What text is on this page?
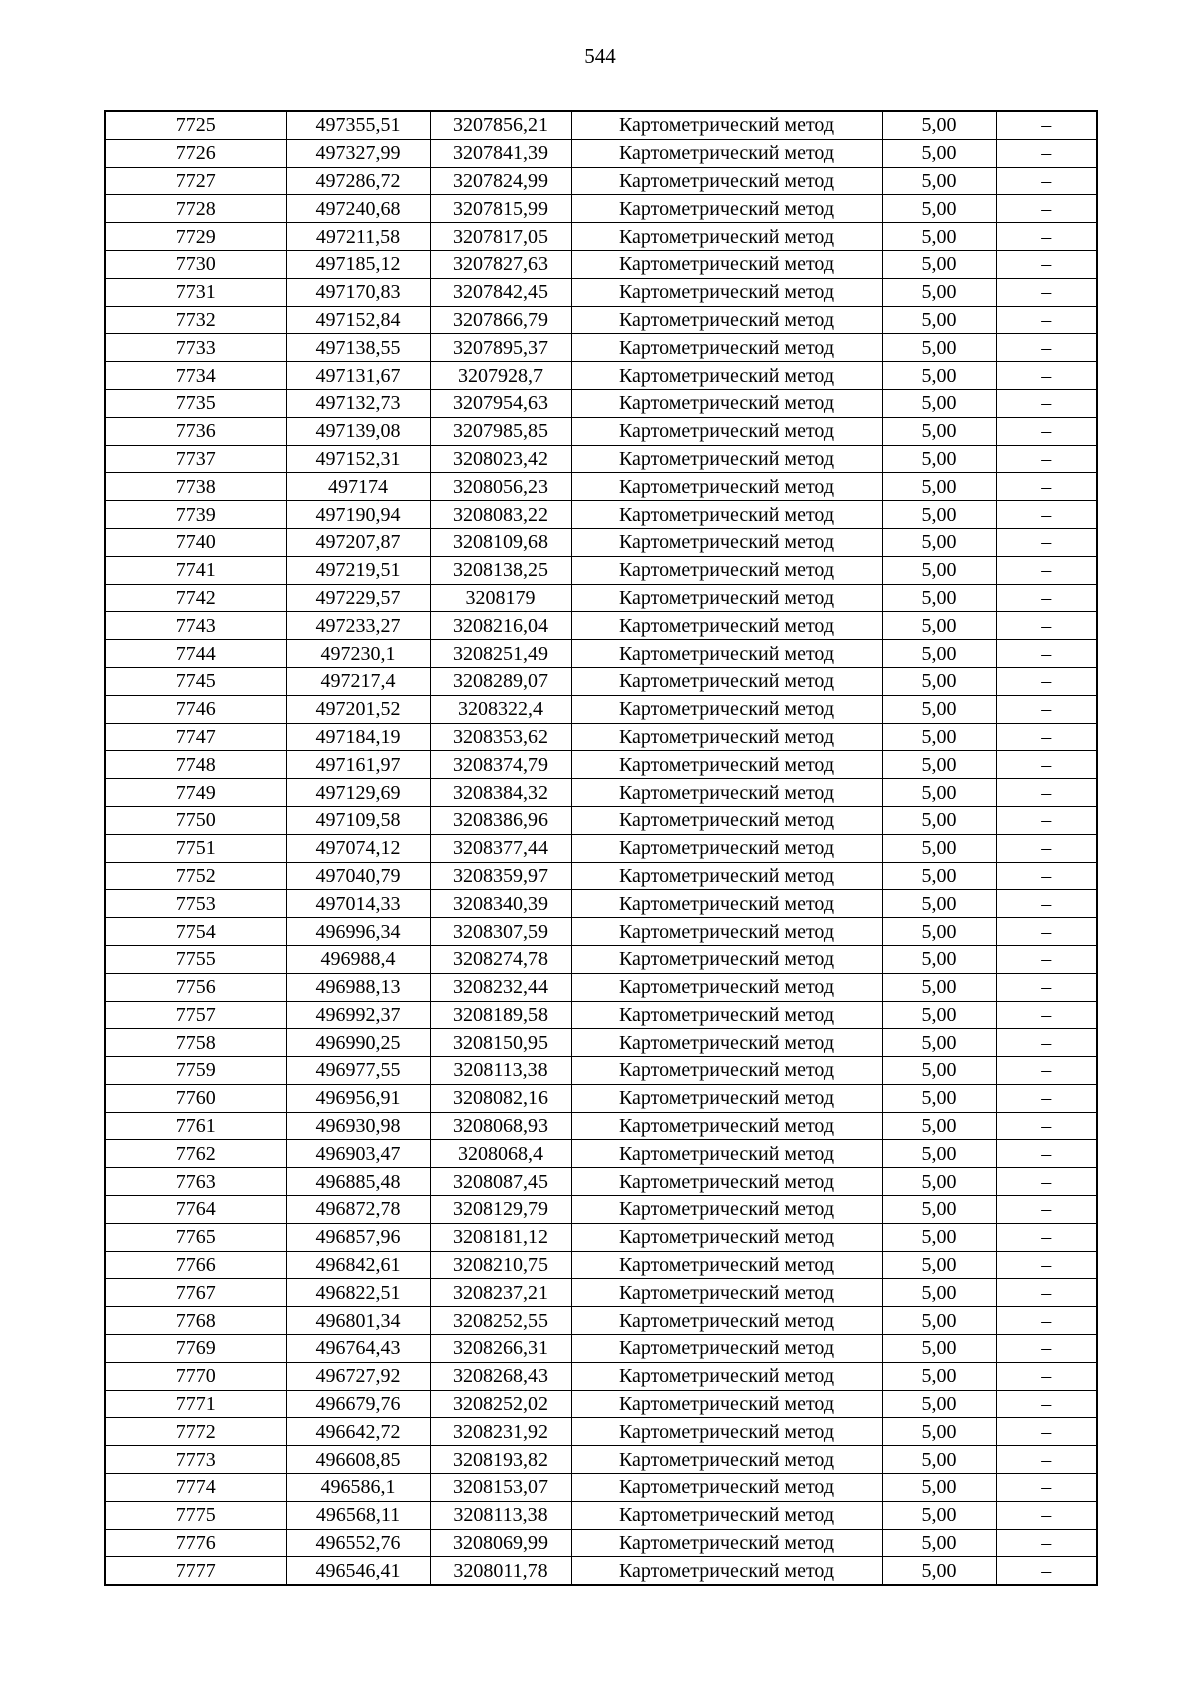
544
7725	497355,51	3207856,21	Картометрический метод	5,00	–
7726	497327,99	3207841,39	Картометрический метод	5,00	–
7727	497286,72	3207824,99	Картометрический метод	5,00	–
7728	497240,68	3207815,99	Картометрический метод	5,00	–
7729	497211,58	3207817,05	Картометрический метод	5,00	–
7730	497185,12	3207827,63	Картометрический метод	5,00	–
7731	497170,83	3207842,45	Картометрический метод	5,00	–
7732	497152,84	3207866,79	Картометрический метод	5,00	–
7733	497138,55	3207895,37	Картометрический метод	5,00	–
7734	497131,67	3207928,7	Картометрический метод	5,00	–
7735	497132,73	3207954,63	Картометрический метод	5,00	–
7736	497139,08	3207985,85	Картометрический метод	5,00	–
7737	497152,31	3208023,42	Картометрический метод	5,00	–
7738	497174	3208056,23	Картометрический метод	5,00	–
7739	497190,94	3208083,22	Картометрический метод	5,00	–
7740	497207,87	3208109,68	Картометрический метод	5,00	–
7741	497219,51	3208138,25	Картометрический метод	5,00	–
7742	497229,57	3208179	Картометрический метод	5,00	–
7743	497233,27	3208216,04	Картометрический метод	5,00	–
7744	497230,1	3208251,49	Картометрический метод	5,00	–
7745	497217,4	3208289,07	Картометрический метод	5,00	–
7746	497201,52	3208322,4	Картометрический метод	5,00	–
7747	497184,19	3208353,62	Картометрический метод	5,00	–
7748	497161,97	3208374,79	Картометрический метод	5,00	–
7749	497129,69	3208384,32	Картометрический метод	5,00	–
7750	497109,58	3208386,96	Картометрический метод	5,00	–
7751	497074,12	3208377,44	Картометрический метод	5,00	–
7752	497040,79	3208359,97	Картометрический метод	5,00	–
7753	497014,33	3208340,39	Картометрический метод	5,00	–
7754	496996,34	3208307,59	Картометрический метод	5,00	–
7755	496988,4	3208274,78	Картометрический метод	5,00	–
7756	496988,13	3208232,44	Картометрический метод	5,00	–
7757	496992,37	3208189,58	Картометрический метод	5,00	–
7758	496990,25	3208150,95	Картометрический метод	5,00	–
7759	496977,55	3208113,38	Картометрический метод	5,00	–
7760	496956,91	3208082,16	Картометрический метод	5,00	–
7761	496930,98	3208068,93	Картометрический метод	5,00	–
7762	496903,47	3208068,4	Картометрический метод	5,00	–
7763	496885,48	3208087,45	Картометрический метод	5,00	–
7764	496872,78	3208129,79	Картометрический метод	5,00	–
7765	496857,96	3208181,12	Картометрический метод	5,00	–
7766	496842,61	3208210,75	Картометрический метод	5,00	–
7767	496822,51	3208237,21	Картометрический метод	5,00	–
7768	496801,34	3208252,55	Картометрический метод	5,00	–
7769	496764,43	3208266,31	Картометрический метод	5,00	–
7770	496727,92	3208268,43	Картометрический метод	5,00	–
7771	496679,76	3208252,02	Картометрический метод	5,00	–
7772	496642,72	3208231,92	Картометрический метод	5,00	–
7773	496608,85	3208193,82	Картометрический метод	5,00	–
7774	496586,1	3208153,07	Картометрический метод	5,00	–
7775	496568,11	3208113,38	Картометрический метод	5,00	–
7776	496552,76	3208069,99	Картометрический метод	5,00	–
7777	496546,41	3208011,78	Картометрический метод	5,00	–
